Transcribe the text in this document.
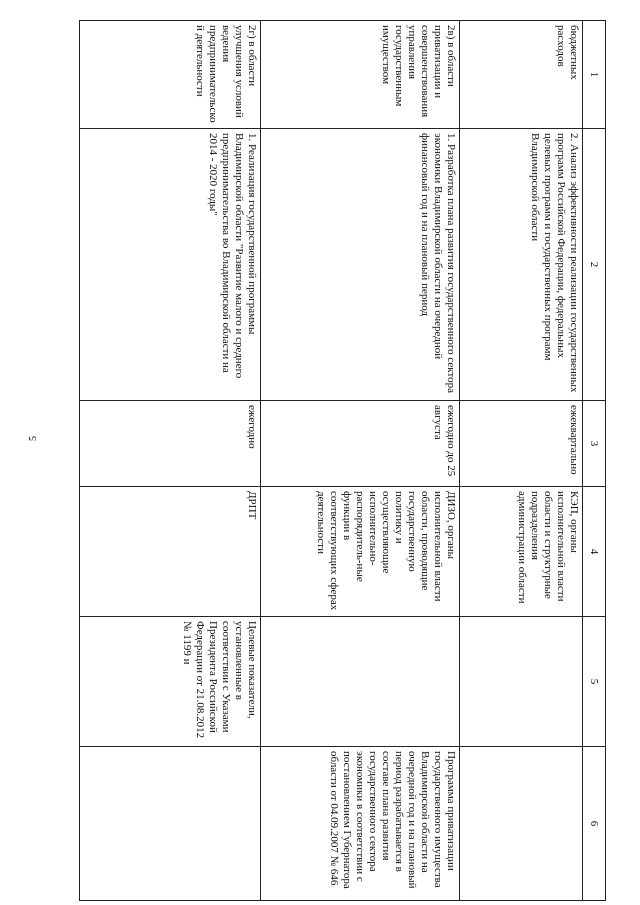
5
1	2	3	4	5	6
бюджетных расходов	2. Анализ эффективности реализации государственных программ Российской Федерации, федеральных целевых программ и государственных программ Владимирской области	ежеквартально	КЭП, органы исполнительной власти области и структурные подразделения администрации области		
2в) в области приватизации и совершенствования управления государственным имуществом	1. Разработка плана развития государственного сектора экономики Владимирской области на очередной финансовый год и на плановый период	ежегодно до 25 августа	ДИЗО, органы исполнительной власти области, проводящие государственную политику и осуществляющие исполнительно-распорядитель-ные функции в соответствующих сферах деятельности		Программа приватизации государственного имущества Владимирской области на очередной год и на плановый период разрабатывается в составе плана развития государственного сектора экономики в соответствии с постановлением Губернатора области от 04.09.2007 № 646
2г) в области улучшения условий ведения предпринимательской деятельности	1. Реализация государственной программы Владимирской области "Развитие малого и среднего предпринимательства во Владимирской области на 2014 - 2020 годы"	ежегодно	ДРПТ	Целевые показатели, установленные в соответствии с Указами Президента Российской Федерации от 21.08.2012 № 1199 и	
